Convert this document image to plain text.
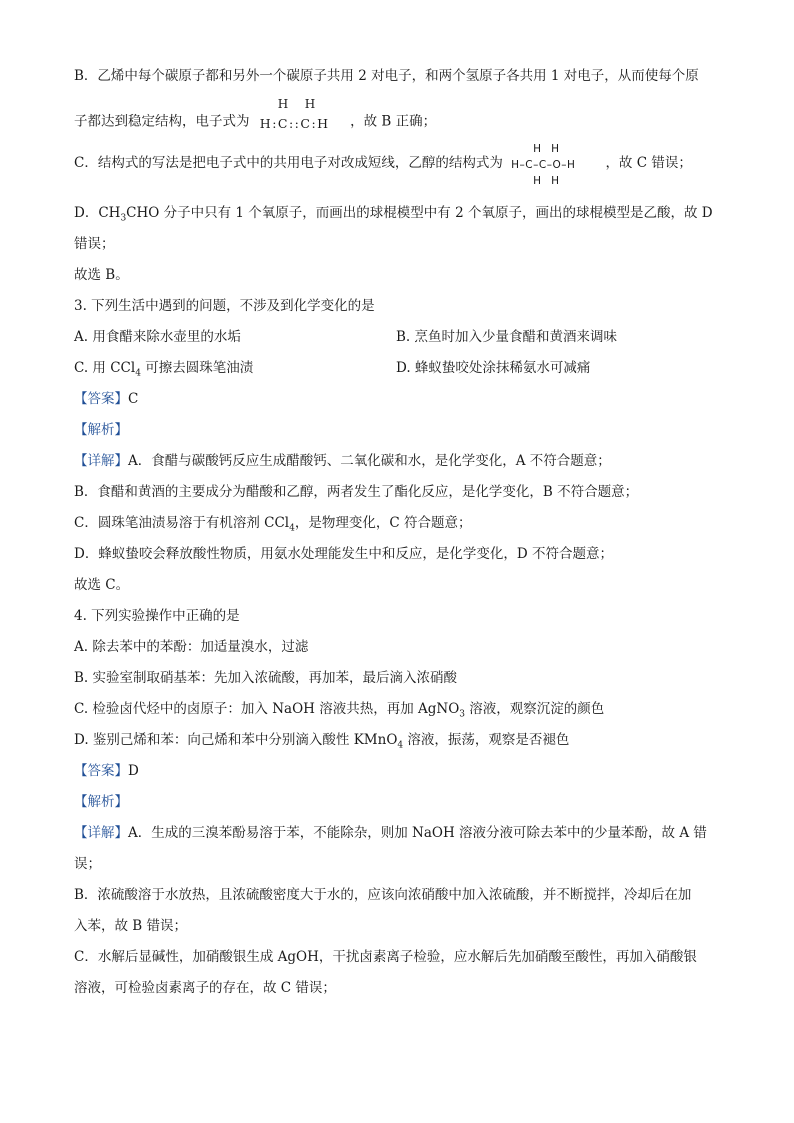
B．乙烯中每个碳原子都和另外一个碳原子共用 2 对电子，和两个氢原子各共用 1 对电子，从而使每个原
子都达到稳定结构，电子式为
H H
H:C::C:H ，故 B 正确；
C．结构式的写法是把电子式中的共用电子对改成短线，乙醇的结构式为
H H
H–C–C–O–H
H H
，故 C 错误；
D．$CH_3CHO$ 分子中只有 1 个氧原子，而画出的球棍模型中有 2 个氧原子，画出的球棍模型是乙酸，故 D
错误；
故选 B。
3. 下列生活中遇到的问题，不涉及到化学变化的是
A. 用食醋来除水壶里的水垢	B. 烹鱼时加入少量食醋和黄酒来调味
C. 用 CCl$_4$ 可擦去圆珠笔油渍	D. 蜂蚁蛰咬处涂抹稀氨水可减痛
【答案】C
【解析】
【详解】A．食醋与碳酸钙反应生成醋酸钙、二氧化碳和水，是化学变化，A 不符合题意；
B．食醋和黄酒的主要成分为醋酸和乙醇，两者发生了酯化反应，是化学变化，B 不符合题意；
C．圆珠笔油渍易溶于有机溶剂 CCl$_4$，是物理变化，C 符合题意；
D．蜂蚁蛰咬会释放酸性物质，用氨水处理能发生中和反应，是化学变化，D 不符合题意；
故选 C。
4. 下列实验操作中正确的是
A. 除去苯中的苯酚：加适量溴水，过滤
B. 实验室制取硝基苯：先加入浓硫酸，再加苯，最后滴入浓硝酸
C. 检验卤代烃中的卤原子：加入 NaOH 溶液共热，再加 AgNO$_3$ 溶液，观察沉淀的颜色
D. 鉴别己烯和苯：向己烯和苯中分别滴入酸性 KMnO$_4$ 溶液，振荡，观察是否褪色
【答案】D
【解析】
【详解】A．生成的三溴苯酚易溶于苯，不能除杂，则加 NaOH 溶液分液可除去苯中的少量苯酚，故 A 错
误；
B．浓硫酸溶于水放热，且浓硫酸密度大于水的，应该向浓硝酸中加入浓硫酸，并不断搅拌，冷却后在加
入苯，故 B 错误；
C．水解后显碱性，加硝酸银生成 AgOH，干扰卤素离子检验，应水解后先加硝酸至酸性，再加入硝酸银
溶液，可检验卤素离子的存在，故 C 错误；
